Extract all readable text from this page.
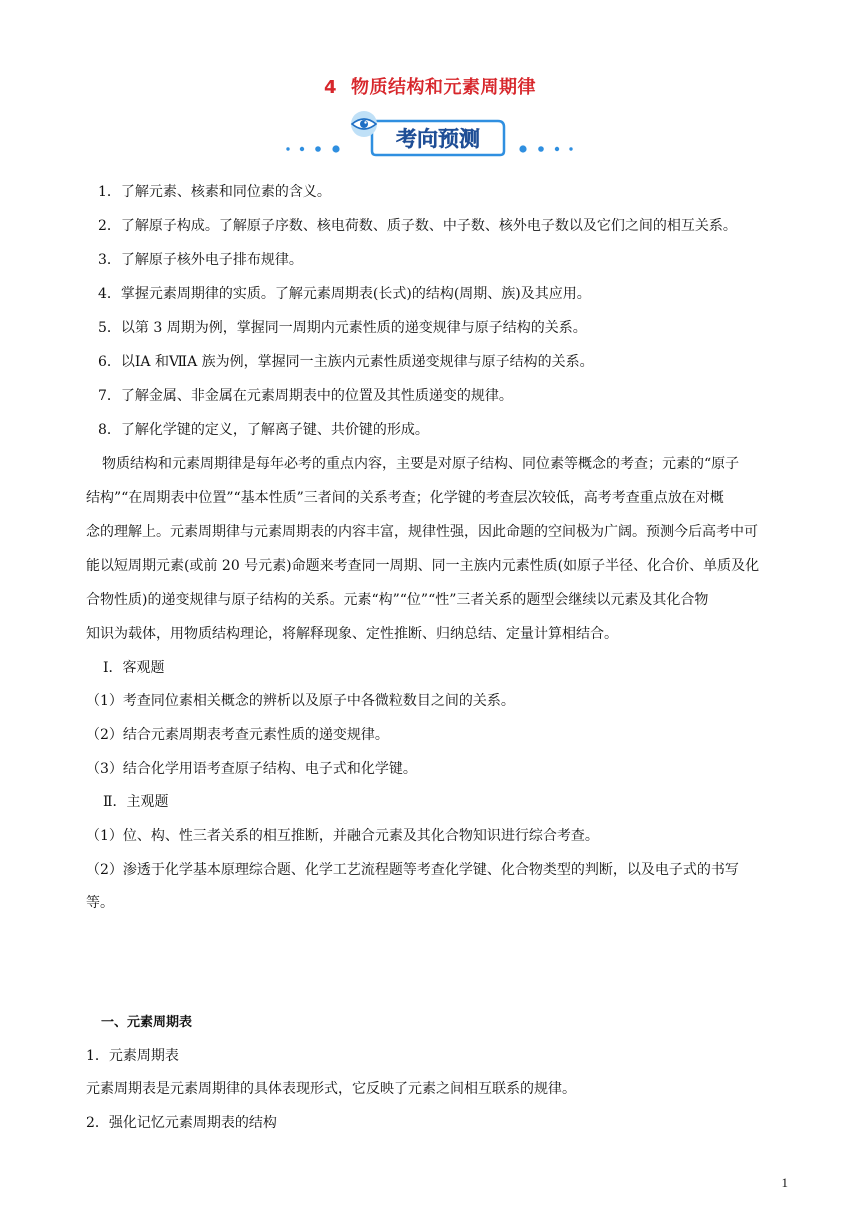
4 物质结构和元素周期律
考向预测
1．了解元素、核素和同位素的含义。
2．了解原子构成。了解原子序数、核电荷数、质子数、中子数、核外电子数以及它们之间的相互关系。
3．了解原子核外电子排布规律。
4．掌握元素周期律的实质。了解元素周期表(长式)的结构(周期、族)及其应用。
5．以第 3 周期为例，掌握同一周期内元素性质的递变规律与原子结构的关系。
6．以ⅠA 和ⅦA 族为例，掌握同一主族内元素性质递变规律与原子结构的关系。
7．了解金属、非金属在元素周期表中的位置及其性质递变的规律。
8．了解化学键的定义，了解离子键、共价键的形成。
物质结构和元素周期律是每年必考的重点内容，主要是对原子结构、同位素等概念的考查；元素的“原子
结构”“在周期表中位置”“基本性质”三者间的关系考查；化学键的考查层次较低，高考考查重点放在对概
念的理解上。元素周期律与元素周期表的内容丰富，规律性强，因此命题的空间极为广阔。预测今后高考中可
能以短周期元素(或前 20 号元素)命题来考查同一周期、同一主族内元素性质(如原子半径、化合价、单质及化
合物性质)的递变规律与原子结构的关系。元素“构”“位”“性”三者关系的题型会继续以元素及其化合物
知识为载体，用物质结构理论，将解释现象、定性推断、归纳总结、定量计算相结合。
Ⅰ．客观题
（1）考查同位素相关概念的辨析以及原子中各微粒数目之间的关系。
（2）结合元素周期表考查元素性质的递变规律。
（3）结合化学用语考查原子结构、电子式和化学键。
Ⅱ．主观题
（1）位、构、性三者关系的相互推断，并融合元素及其化合物知识进行综合考查。
（2）渗透于化学基本原理综合题、化学工艺流程题等考查化学键、化合物类型的判断，以及电子式的书写
等。
一、元素周期表
1．元素周期表
元素周期表是元素周期律的具体表现形式，它反映了元素之间相互联系的规律。
2．强化记忆元素周期表的结构
1
